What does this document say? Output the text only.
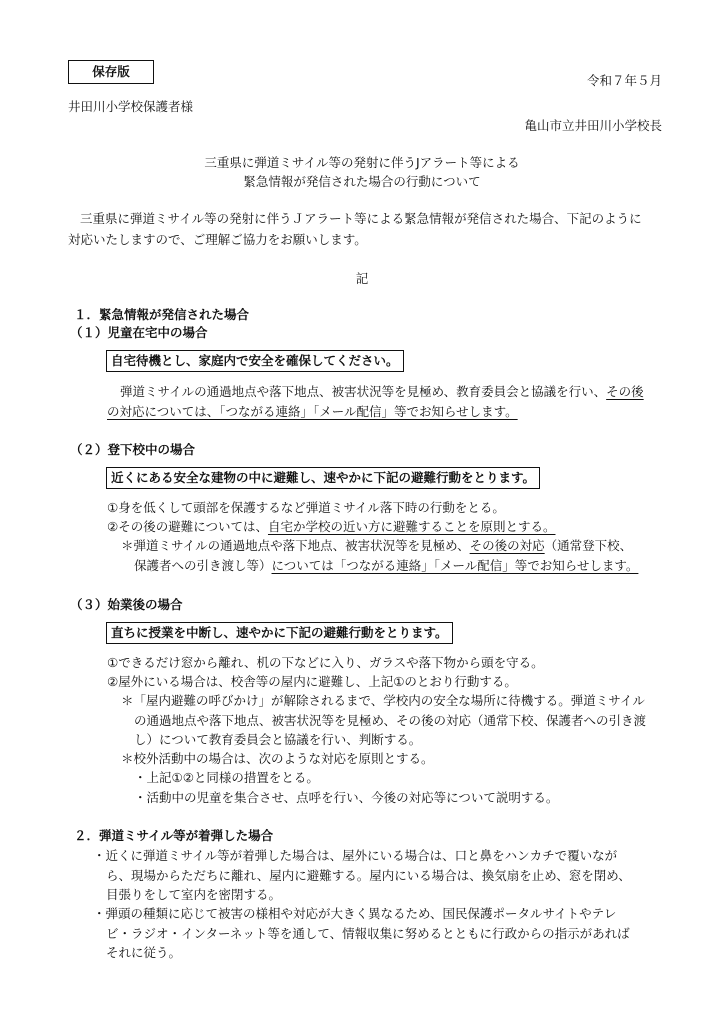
保存版
令和７年５月
井田川小学校保護者様
亀山市立井田川小学校長
三重県に弾道ミサイル等の発射に伴うJアラート等による
緊急情報が発信された場合の行動について
三重県に弾道ミサイル等の発射に伴うＪアラート等による緊急情報が発信された場合、下記のように
対応いたしますので、ご理解ご協力をお願いします。
記
１．緊急情報が発信された場合
（１）児童在宅中の場合
自宅待機とし、家庭内で安全を確保してください。
弾道ミサイルの通過地点や落下地点、被害状況等を見極め、教育委員会と協議を行い、その後
の対応については、「つながる連絡」「メール配信」等でお知らせします。
（２）登下校中の場合
近くにある安全な建物の中に避難し、速やかに下記の避難行動をとります。
①身を低くして頭部を保護するなど弾道ミサイル落下時の行動をとる。
②その後の避難については、自宅か学校の近い方に避難することを原則とする。
＊弾道ミサイルの通過地点や落下地点、被害状況等を見極め、その後の対応（通常登下校、
保護者への引き渡し等）については「つながる連絡」「メール配信」等でお知らせします。
（３）始業後の場合
直ちに授業を中断し、速やかに下記の避難行動をとります。
①できるだけ窓から離れ、机の下などに入り、ガラスや落下物から頭を守る。
②屋外にいる場合は、校舎等の屋内に避難し、上記①のとおり行動する。
＊「屋内避難の呼びかけ」が解除されるまで、学校内の安全な場所に待機する。弾道ミサイル
の通過地点や落下地点、被害状況等を見極め、その後の対応（通常下校、保護者への引き渡
し）について教育委員会と協議を行い、判断する。
＊校外活動中の場合は、次のような対応を原則とする。
・上記①②と同様の措置をとる。
・活動中の児童を集合させ、点呼を行い、今後の対応等について説明する。
２．弾道ミサイル等が着弾した場合
・近くに弾道ミサイル等が着弾した場合は、屋外にいる場合は、口と鼻をハンカチで覆いなが
ら、現場からただちに離れ、屋内に避難する。屋内にいる場合は、換気扇を止め、窓を閉め、
目張りをして室内を密閉する。
・弾頭の種類に応じて被害の様相や対応が大きく異なるため、国民保護ポータルサイトやテレ
ビ・ラジオ・インターネット等を通して、情報収集に努めるとともに行政からの指示があれば
それに従う。
